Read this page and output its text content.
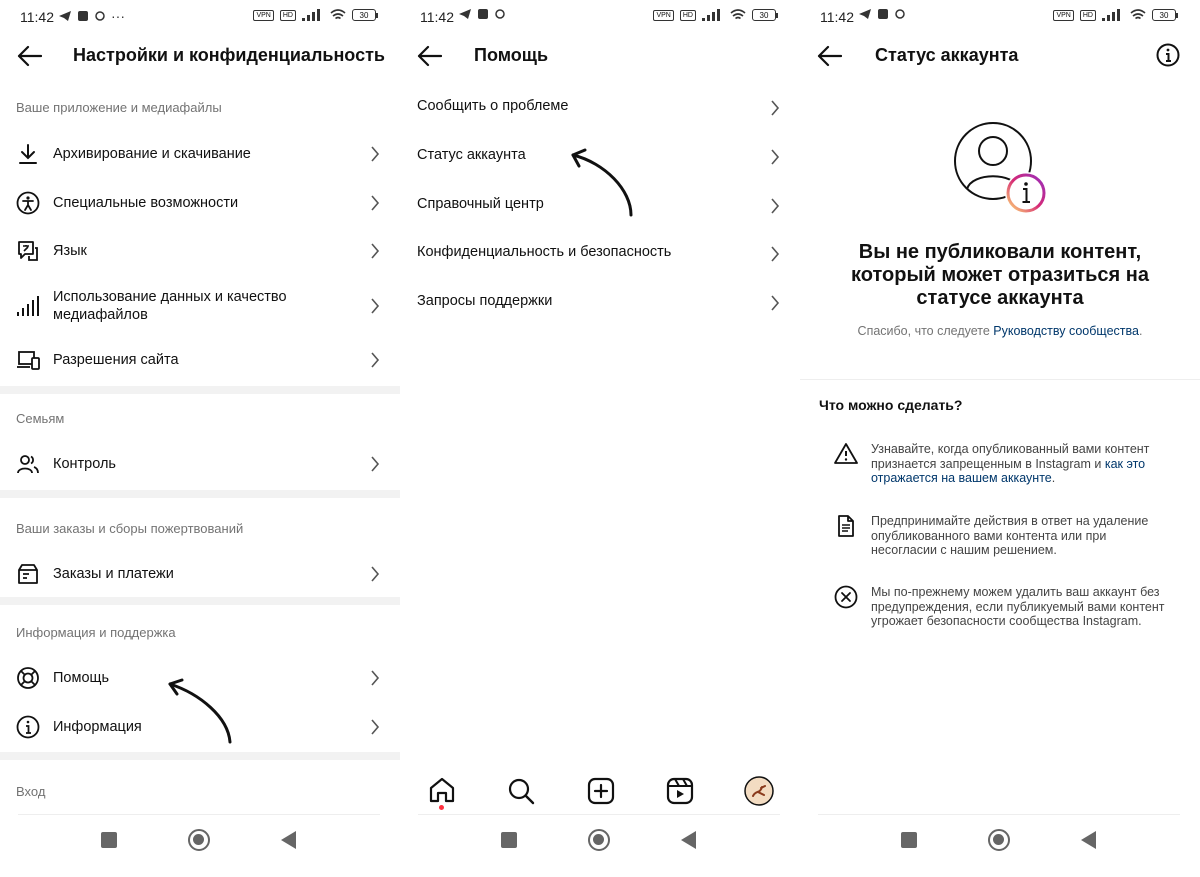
11:42	···	VPN	HD	30
Настройки и конфиденциальность
Ваше приложение и медиафайлы
Архивирование и скачивание
Специальные возможности
Язык
Использование данных и качество медиафайлов
Разрешения сайта
Семьям
Контроль
Ваши заказы и сборы пожертвований
Заказы и платежи
Информация и поддержка
Помощь
Информация
Вход
11:42	VPN	HD	30
Помощь
Сообщить о проблеме
Статус аккаунта
Справочный центр
Конфиденциальность и безопасность
Запросы поддержки
11:42	VPN	HD	30
Статус аккаунта
Вы не публиковали контент,
который может отразиться на
статусе аккаунта
Спасибо, что следуете Руководству сообщества.
Что можно сделать?
Узнавайте, когда опубликованный вами контент признается запрещенным в Instagram и как это отражается на вашем аккаунте.
Предпринимайте действия в ответ на удаление опубликованного вами контента или при несогласии с нашим решением.
Мы по-прежнему можем удалить ваш аккаунт без предупреждения, если публикуемый вами контент угрожает безопасности сообщества Instagram.
